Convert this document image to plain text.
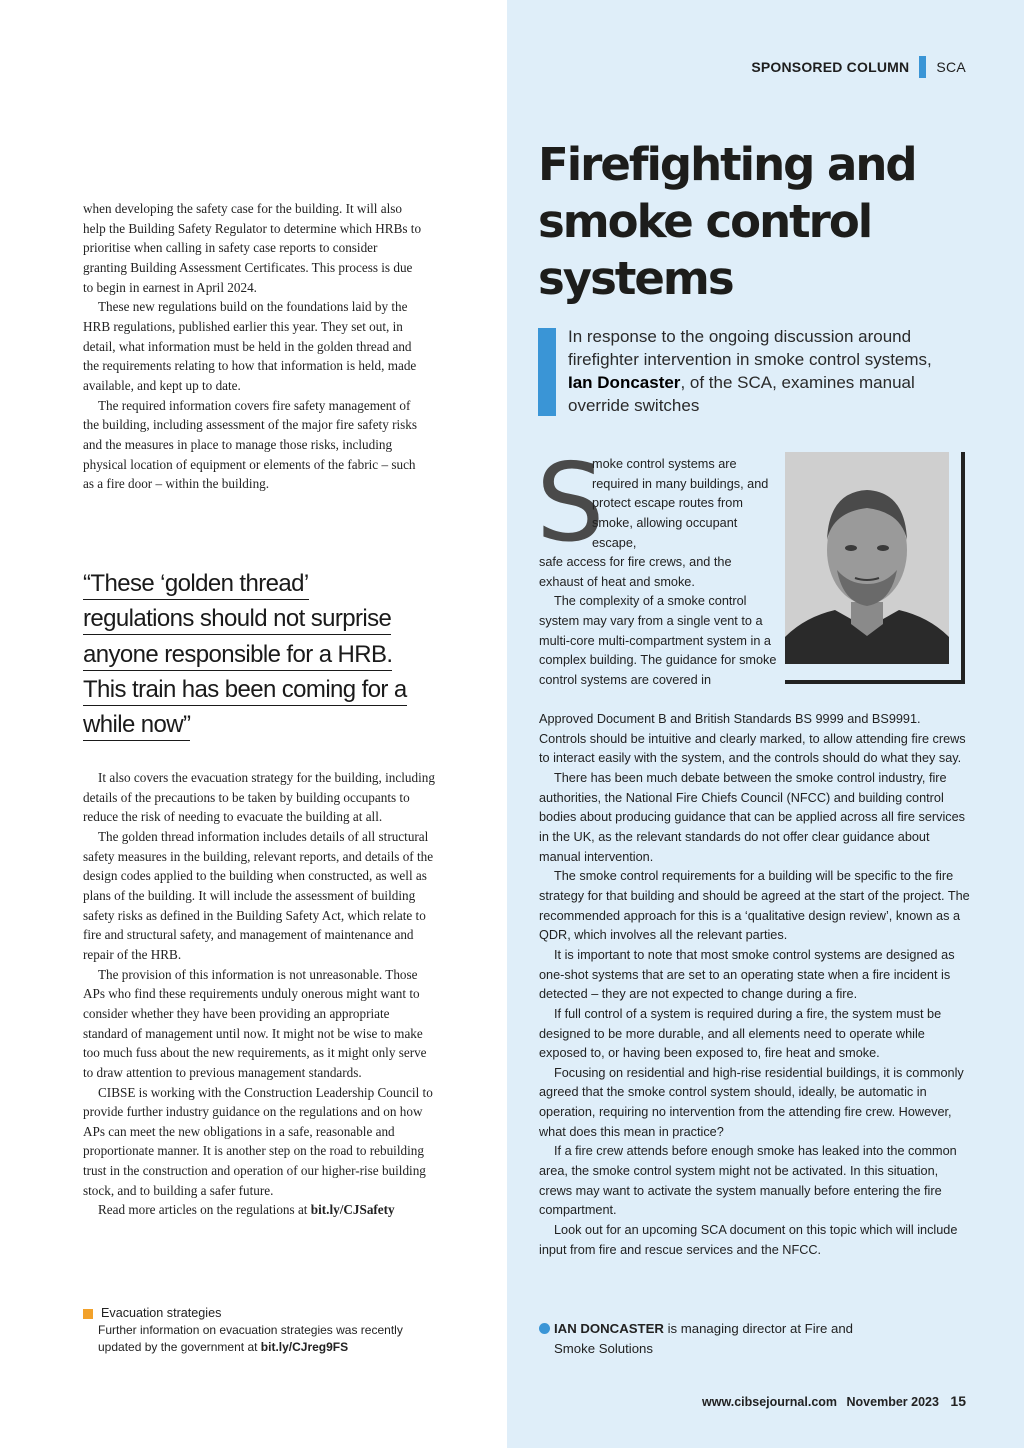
SPONSORED COLUMN SCA

when developing the safety case for the building. It will also help the Building Safety Regulator to determine which HRBs to prioritise when calling in safety case reports to consider granting Building Assessment Certificates. This process is due to begin in earnest in April 2024.

These new regulations build on the foundations laid by the HRB regulations, published earlier this year. They set out, in detail, what information must be held in the golden thread and the requirements relating to how that information is held, made available, and kept up to date.

The required information covers fire safety management of the building, including assessment of the major fire safety risks and the measures in place to manage those risks, including physical location of equipment or elements of the fabric – such as a fire door – within the building.

“These ‘golden thread’ regulations should not surprise anyone responsible for a HRB. This train has been coming for a while now”

It also covers the evacuation strategy for the building, including details of the precautions to be taken by building occupants to reduce the risk of needing to evacuate the building at all.

The golden thread information includes details of all structural safety measures in the building, relevant reports, and details of the design codes applied to the building when constructed, as well as plans of the building. It will include the assessment of building safety risks as defined in the Building Safety Act, which relate to fire and structural safety, and management of maintenance and repair of the HRB.

The provision of this information is not unreasonable. Those APs who find these requirements unduly onerous might want to consider whether they have been providing an appropriate standard of management until now. It might not be wise to make too much fuss about the new requirements, as it might only serve to draw attention to previous management standards.

CIBSE is working with the Construction Leadership Council to provide further industry guidance on the regulations and on how APs can meet the new obligations in a safe, reasonable and proportionate manner. It is another step on the road to rebuilding trust in the construction and operation of our higher-rise building stock, and to building a safer future.

Read more articles on the regulations at bit.ly/CJSafety

Evacuation strategies
Further information on evacuation strategies was recently updated by the government at bit.ly/CJreg9FS
Firefighting and smoke control systems
In response to the ongoing discussion around firefighter intervention in smoke control systems, Ian Doncaster, of the SCA, examines manual override switches
S

moke control systems are required in many buildings, and protect escape routes from smoke, allowing occupant escape,

safe access for fire crews, and the exhaust of heat and smoke.

The complexity of a smoke control system may vary from a single vent to a multi-core multi-compartment system in a complex building. The guidance for smoke control systems are covered in

Approved Document B and British Standards BS 9999 and BS9991. Controls should be intuitive and clearly marked, to allow attending fire crews to interact easily with the system, and the controls should do what they say.

There has been much debate between the smoke control industry, fire authorities, the National Fire Chiefs Council (NFCC) and building control bodies about producing guidance that can be applied across all fire services in the UK, as the relevant standards do not offer clear guidance about manual intervention.

The smoke control requirements for a building will be specific to the fire strategy for that building and should be agreed at the start of the project. The recommended approach for this is a ‘qualitative design review’, known as a QDR, which involves all the relevant parties.

It is important to note that most smoke control systems are designed as one-shot systems that are set to an operating state when a fire incident is detected – they are not expected to change during a fire.

If full control of a system is required during a fire, the system must be designed to be more durable, and all elements need to operate while exposed to, or having been exposed to, fire heat and smoke.

Focusing on residential and high-rise residential buildings, it is commonly agreed that the smoke control system should, ideally, be automatic in operation, requiring no intervention from the attending fire crew. However, what does this mean in practice?

If a fire crew attends before enough smoke has leaked into the common area, the smoke control system might not be activated. In this situation, crews may want to activate the system manually before entering the fire compartment.

Look out for an upcoming SCA document on this topic which will include input from fire and rescue services and the NFCC.

IAN DONCASTER is managing director at Fire and
Smoke Solutions
www.cibsejournal.com November 2023 15
